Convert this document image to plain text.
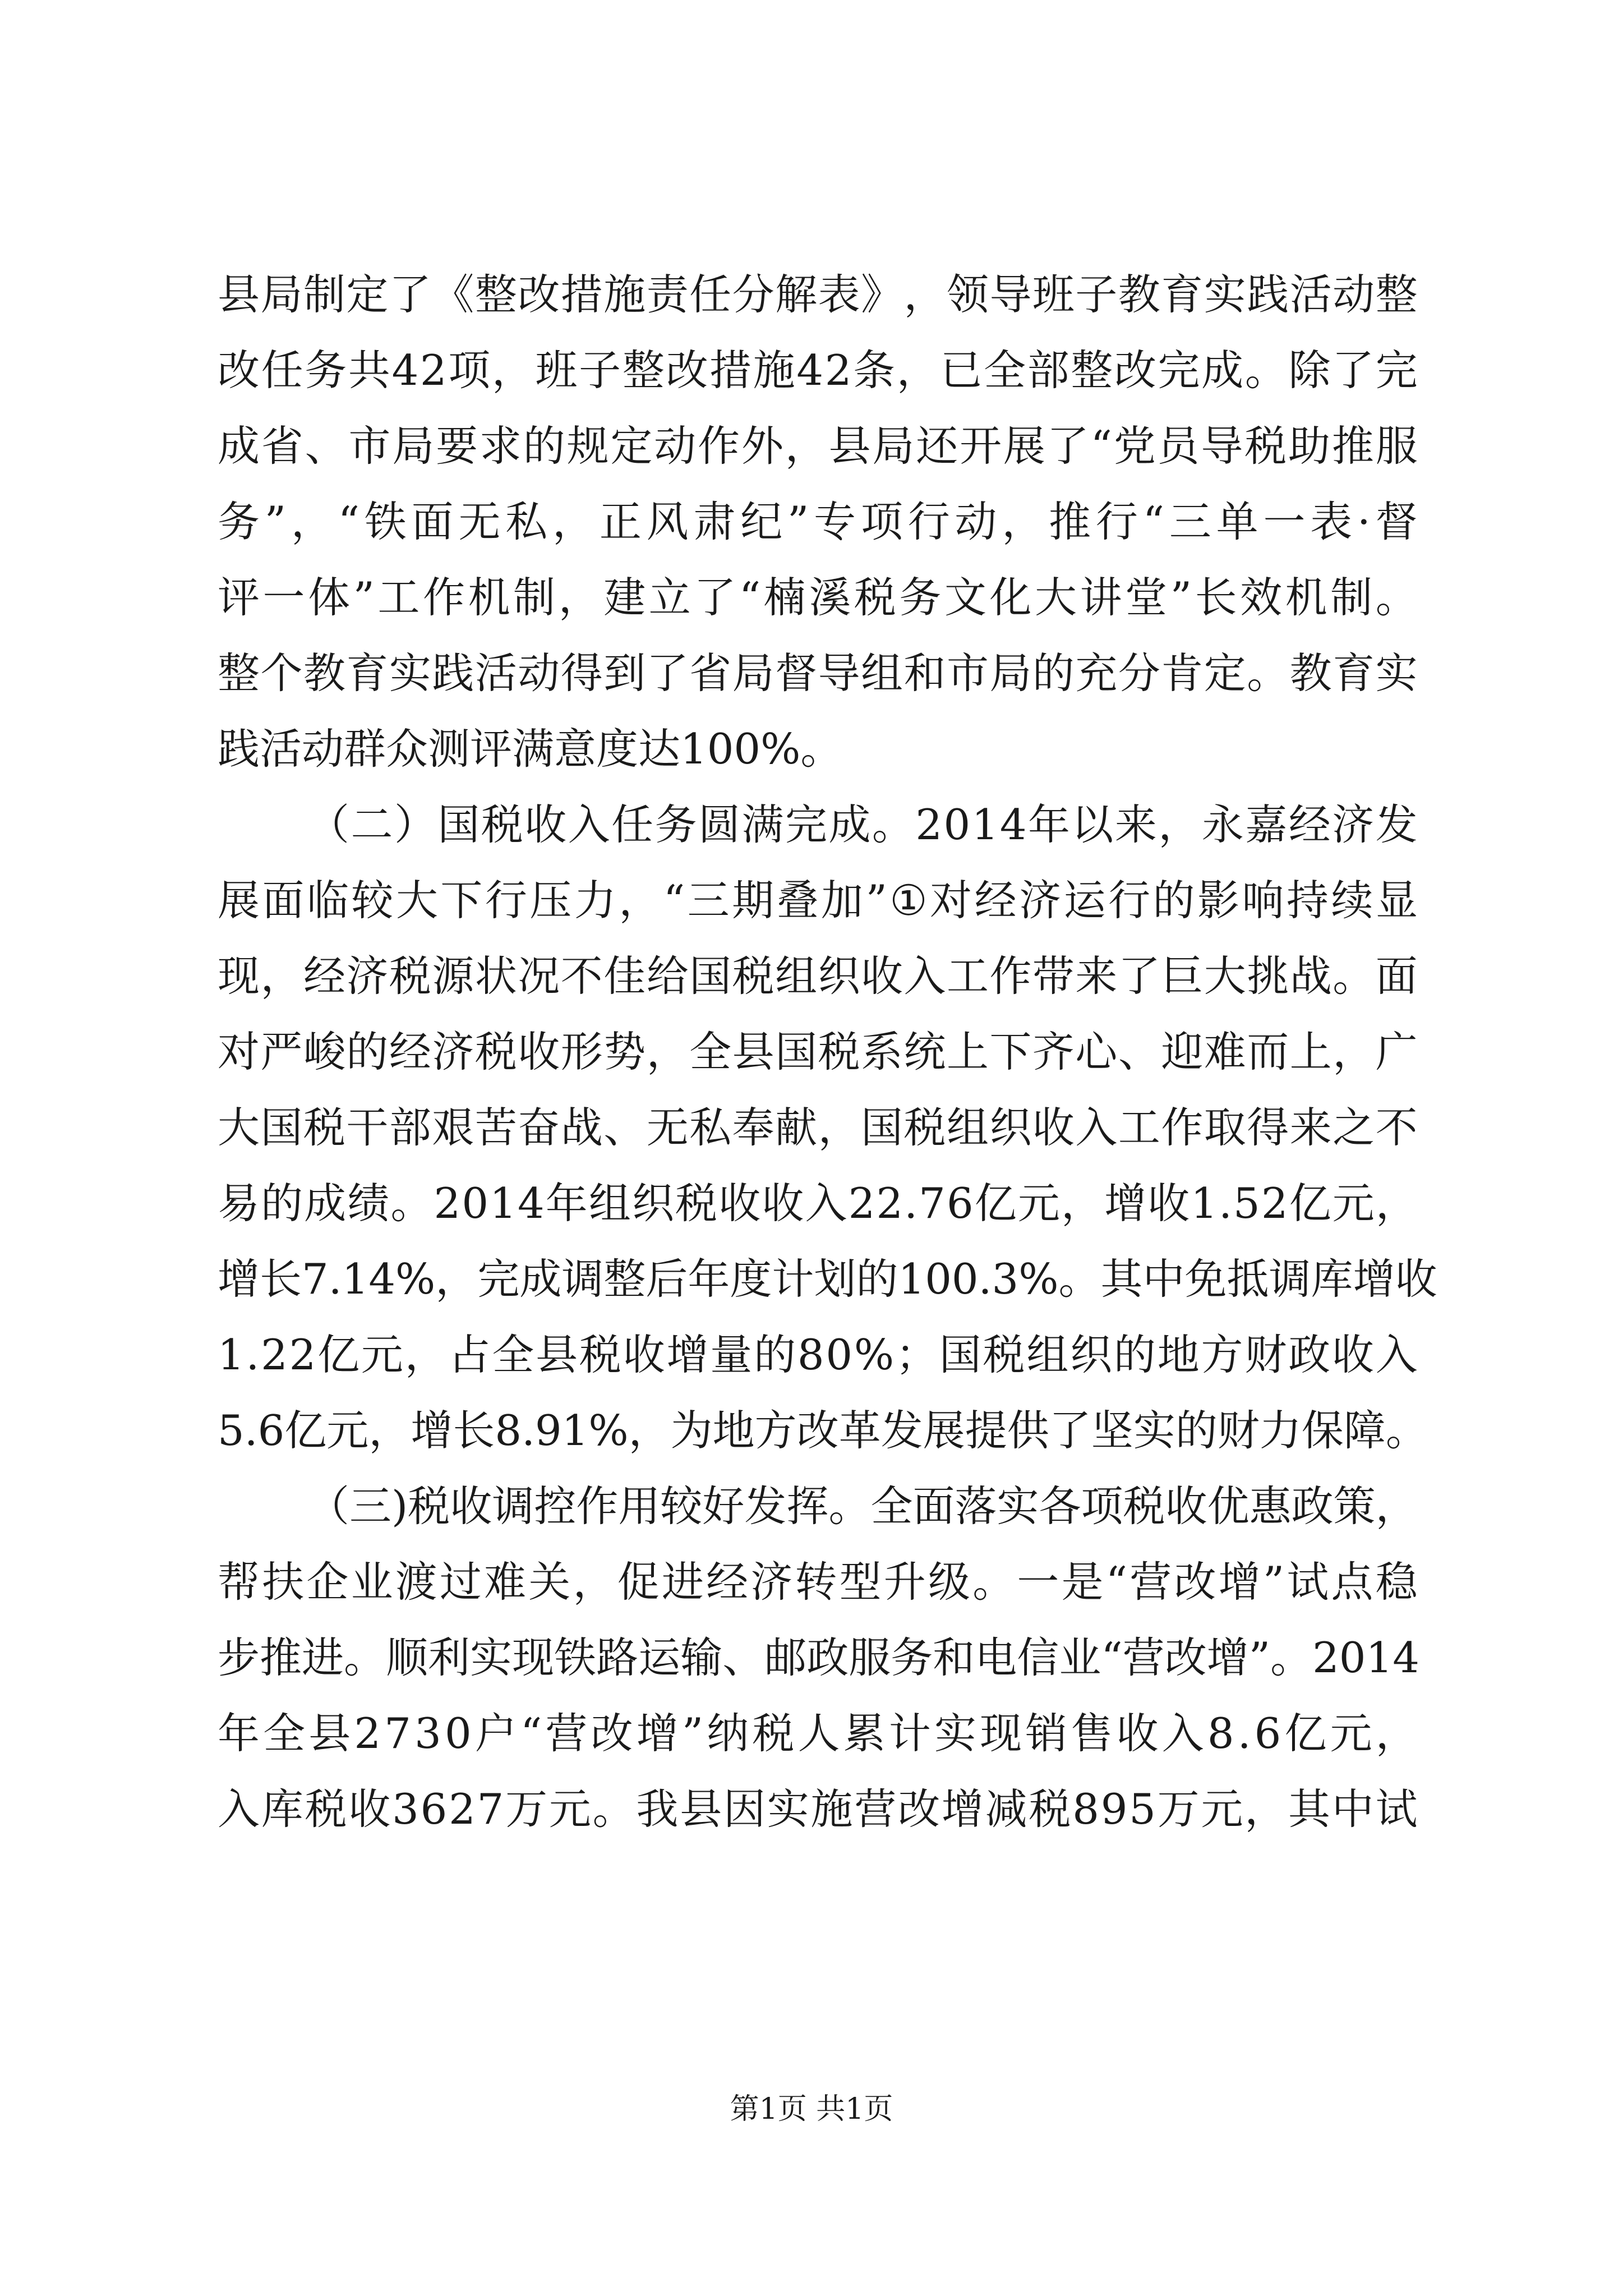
县 局 制 定 了 《 整 改 措 施 责 任 分 解 表 》 ， 领 导 班 子 教 育 实 践 活 动 整
改 任 务 共 4 2 项 ， 班 子 整 改 措 施 4 2 条 ， 已 全 部 整 改 完 成 。 除 了 完
成 省 、 市 局 要 求 的 规 定 动 作 外 ， 县 局 还 开 展 了 “ 党 员 导 税 助 推 服
务 ” ， “ 铁 面 无 私 ， 正 风 肃 纪 ” 专 项 行 动 ， 推 行 “ 三 单 一 表 · 督
评 一 体 ” 工 作 机 制 ， 建 立 了 “ 楠 溪 税 务 文 化 大 讲 堂 ” 长 效 机 制 。
整 个 教 育 实 践 活 动 得 到 了 省 局 督 导 组 和 市 局 的 充 分 肯 定 。 教 育 实
践活动群众测评满意度达100%。
（ 二 ） 国 税 收 入 任 务 圆 满 完 成 。 2 0 1 4 年 以 来 ， 永 嘉 经 济 发
展 面 临 较 大 下 行 压 力 ， “ 三 期 叠 加 ” ① 对 经 济 运 行 的 影 响 持 续 显
现 ， 经 济 税 源 状 况 不 佳 给 国 税 组 织 收 入 工 作 带 来 了 巨 大 挑 战 。 面
对 严 峻 的 经 济 税 收 形 势 ， 全 县 国 税 系 统 上 下 齐 心 、 迎 难 而 上 ， 广
大 国 税 干 部 艰 苦 奋 战 、 无 私 奉 献 ， 国 税 组 织 收 入 工 作 取 得 来 之 不
易 的 成 绩 。 2 0 1 4 年 组 织 税 收 收 入 2 2 . 7 6 亿 元 ， 增 收 1 . 5 2 亿 元 ，
增 长 7 . 1 4 % ， 完 成 调 整 后 年 度 计 划 的 1 0 0 . 3 % 。 其 中 免 抵 调 库 增 收
1 . 2 2 亿 元 ， 占 全 县 税 收 增 量 的 8 0 % ； 国 税 组 织 的 地 方 财 政 收 入
5 . 6 亿 元 ， 增 长 8 . 9 1 % ， 为 地 方 改 革 发 展 提 供 了 坚 实 的 财 力 保 障 。
（ 三 ) 税 收 调 控 作 用 较 好 发 挥 。 全 面 落 实 各 项 税 收 优 惠 政 策 ，
帮 扶 企 业 渡 过 难 关 ， 促 进 经 济 转 型 升 级 。 一 是 “ 营 改 增 ” 试 点 稳
步 推 进 。 顺 利 实 现 铁 路 运 输 、 邮 政 服 务 和 电 信 业 “ 营 改 增 ” 。 2 0 1 4
年 全 县 2 7 3 0 户 “ 营 改 增 ” 纳 税 人 累 计 实 现 销 售 收 入 8 . 6 亿 元 ，
入 库 税 收 3 6 2 7 万 元 。 我 县 因 实 施 营 改 增 减 税 8 9 5 万 元 ， 其 中 试
第1页 共1页
